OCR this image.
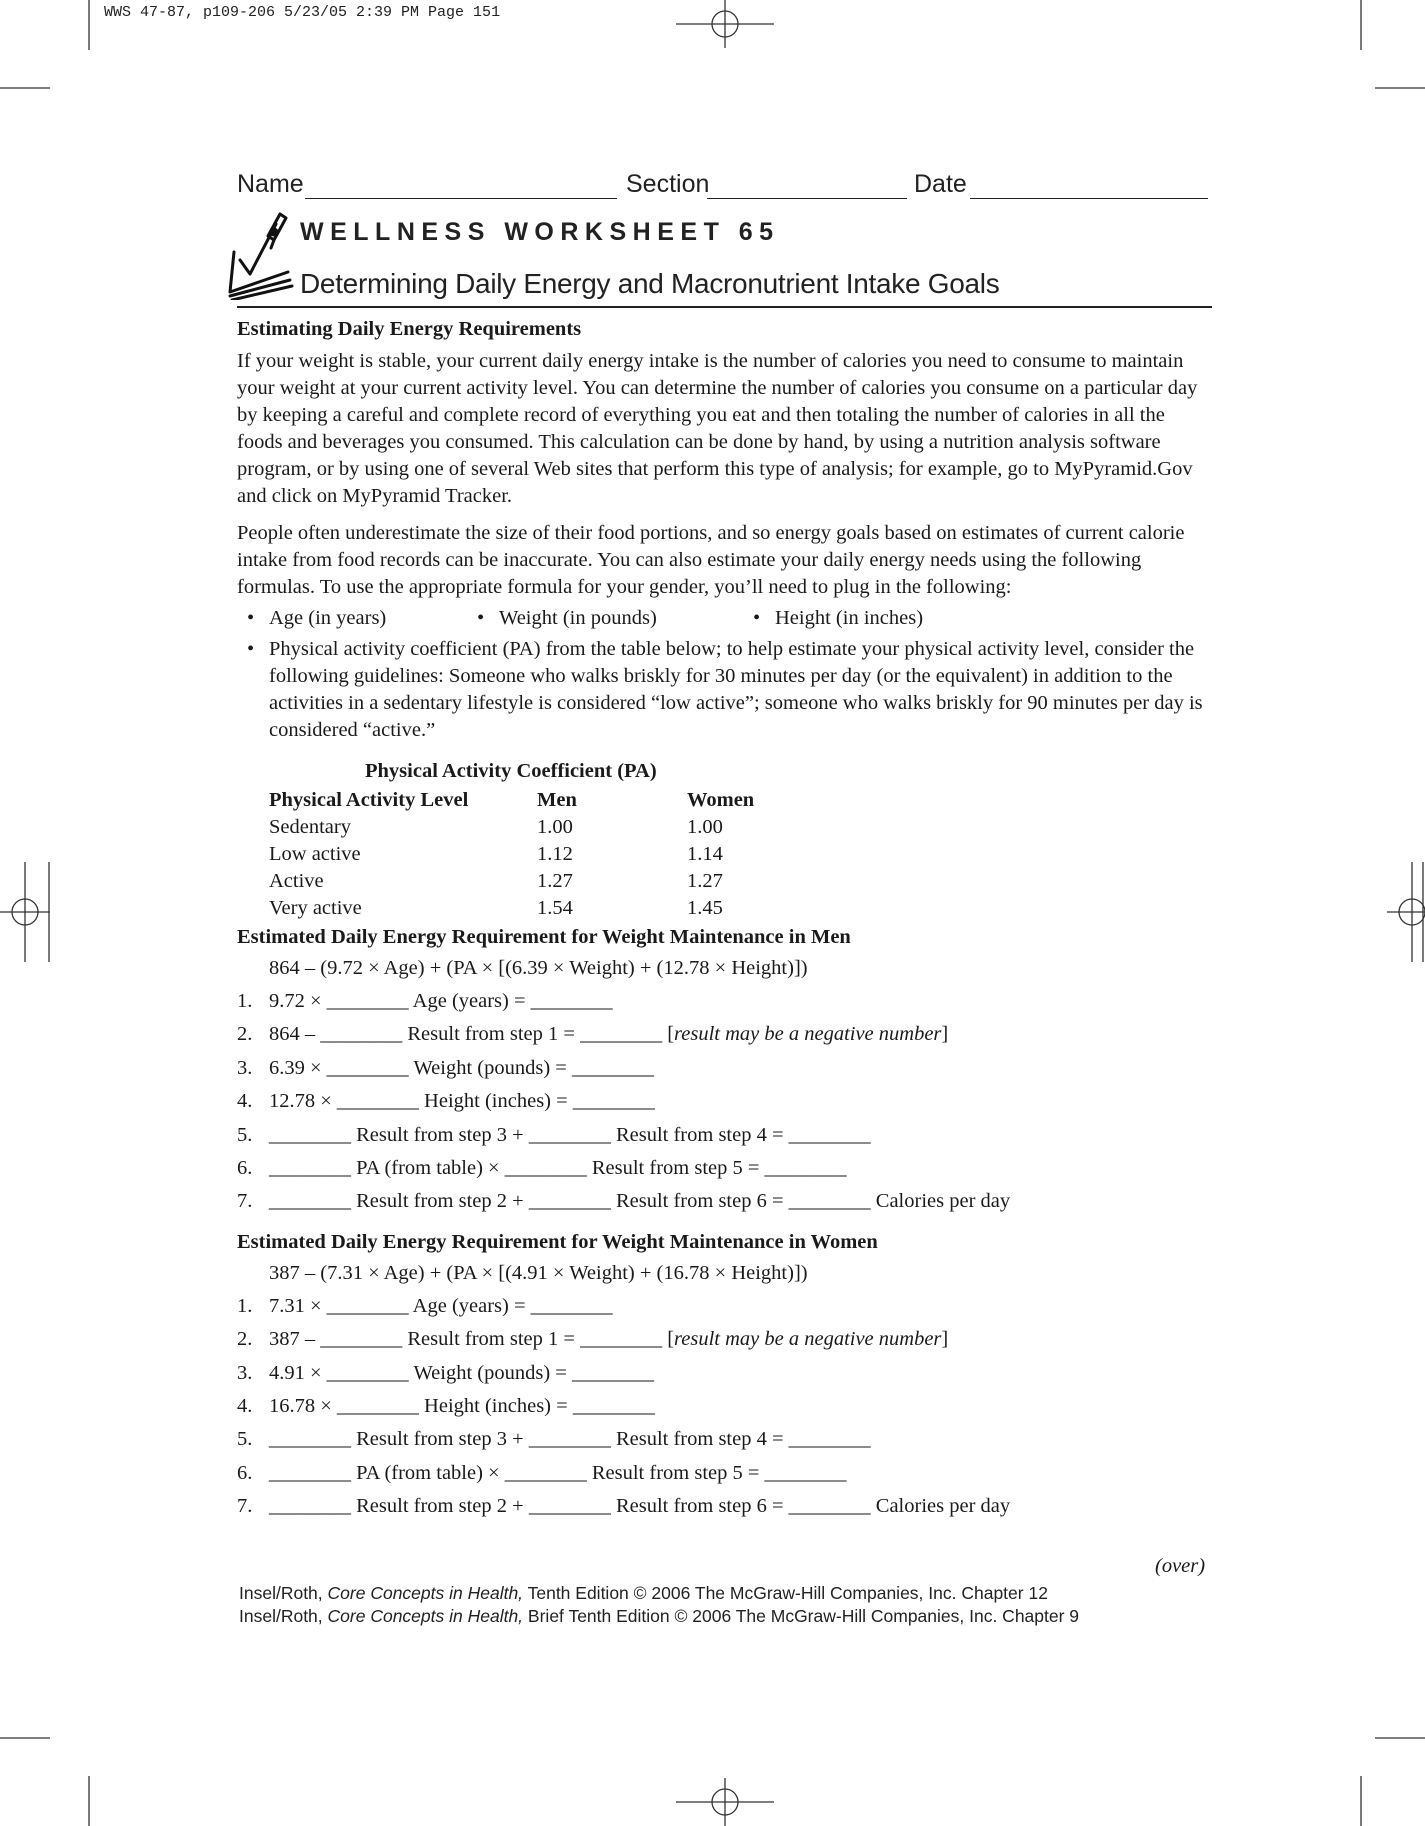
WWS 47-87, p109-206 5/23/05 2:39 PM Page 151
Name	Section	Date
WELLNESS WORKSHEET 65
Determining Daily Energy and Macronutrient Intake Goals
Estimating Daily Energy Requirements

If your weight is stable, your current daily energy intake is the number of calories you need to consume to maintain your weight at your current activity level. You can determine the number of calories you consume on a particular day by keeping a careful and complete record of everything you eat and then totaling the number of calories in all the foods and beverages you consumed. This calculation can be done by hand, by using a nutrition analysis software program, or by using one of several Web sites that perform this type of analysis; for example, go to MyPyramid.Gov and click on MyPyramid Tracker.

People often underestimate the size of their food portions, and so energy goals based on estimates of current calorie intake from food records can be inaccurate. You can also estimate your daily energy needs using the following formulas. To use the appropriate formula for your gender, you’ll need to plug in the following:

• Age (in years)	• Weight (in pounds)	• Height (in inches)
• Physical activity coefficient (PA) from the table below; to help estimate your physical activity level, consider the following guidelines: Someone who walks briskly for 30 minutes per day (or the equivalent) in addition to the activities in a sedentary lifestyle is considered “low active”; someone who walks briskly for 90 minutes per day is considered “active.”
Physical Activity Coefficient (PA)
Physical Activity Level	Men	Women
Sedentary	1.00	1.00
Low active	1.12	1.14
Active	1.27	1.27
Very active	1.54	1.45
Estimated Daily Energy Requirement for Weight Maintenance in Men
864 – (9.72 × Age) + (PA × [(6.39 × Weight) + (12.78 × Height)])
1. 9.72 × ________ Age (years) = ________
2. 864 – ________ Result from step 1 = ________ [result may be a negative number]
3. 6.39 × ________ Weight (pounds) = ________
4. 12.78 × ________ Height (inches) = ________
5. ________ Result from step 3 + ________ Result from step 4 = ________
6. ________ PA (from table) × ________ Result from step 5 = ________
7. ________ Result from step 2 + ________ Result from step 6 = ________ Calories per day
Estimated Daily Energy Requirement for Weight Maintenance in Women
387 – (7.31 × Age) + (PA × [(4.91 × Weight) + (16.78 × Height)])
1. 7.31 × ________ Age (years) = ________
2. 387 – ________ Result from step 1 = ________ [result may be a negative number]
3. 4.91 × ________ Weight (pounds) = ________
4. 16.78 × ________ Height (inches) = ________
5. ________ Result from step 3 + ________ Result from step 4 = ________
6. ________ PA (from table) × ________ Result from step 5 = ________
7. ________ Result from step 2 + ________ Result from step 6 = ________ Calories per day
(over)
Insel/Roth, Core Concepts in Health, Tenth Edition © 2006 The McGraw-Hill Companies, Inc. Chapter 12
Insel/Roth, Core Concepts in Health, Brief Tenth Edition © 2006 The McGraw-Hill Companies, Inc. Chapter 9
